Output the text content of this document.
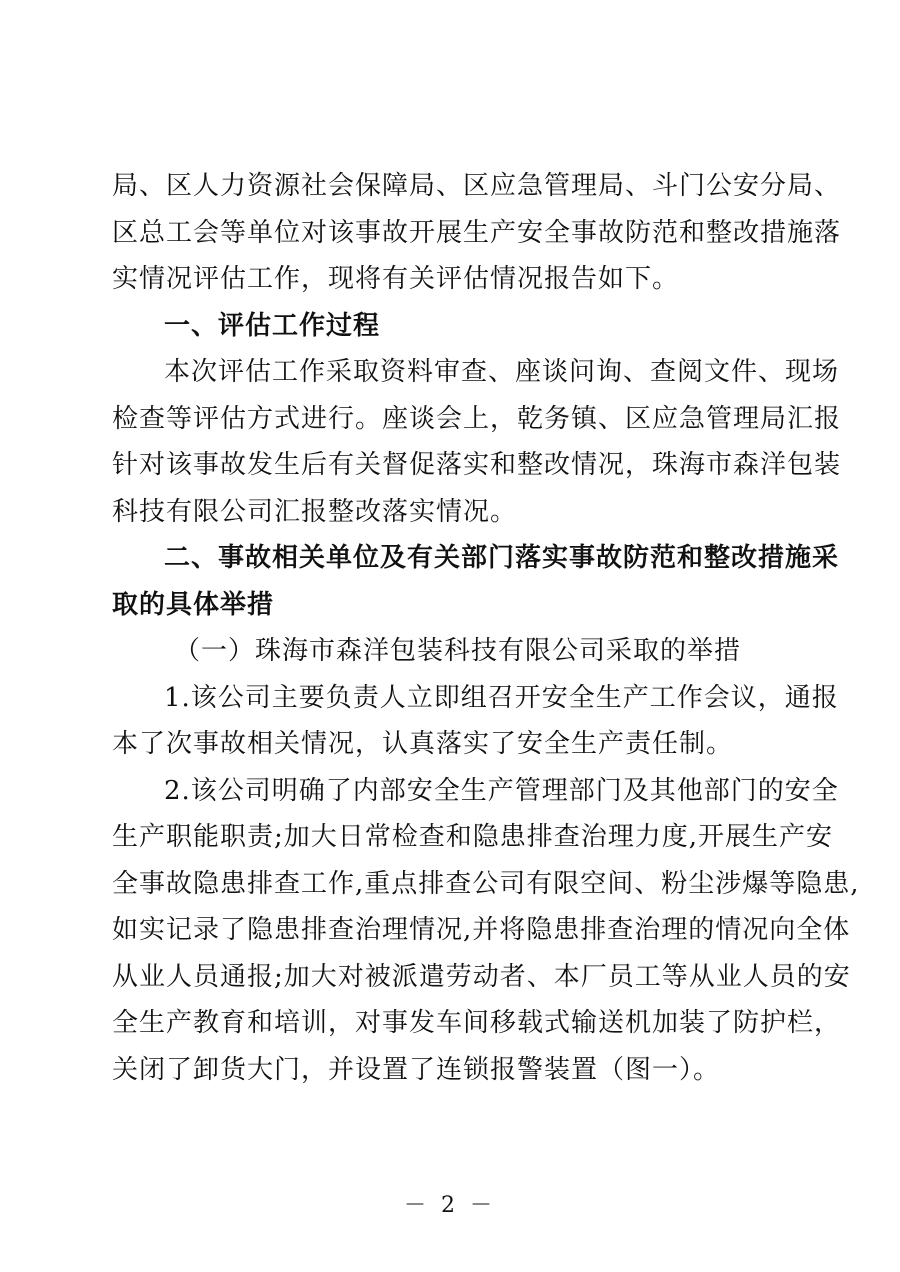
局、区人力资源社会保障局、区应急管理局、斗门公安分局、
区总工会等单位对该事故开展生产安全事故防范和整改措施落
实情况评估工作，现将有关评估情况报告如下。
一、评估工作过程
本次评估工作采取资料审查、座谈问询、查阅文件、现场
检查等评估方式进行。座谈会上，乾务镇、区应急管理局汇报
针对该事故发生后有关督促落实和整改情况，珠海市森洋包装
科技有限公司汇报整改落实情况。
二、事故相关单位及有关部门落实事故防范和整改措施采
取的具体举措
（一）珠海市森洋包装科技有限公司采取的举措
1.该公司主要负责人立即组召开安全生产工作会议，通报
本了次事故相关情况，认真落实了安全生产责任制。
2.该公司明确了内部安全生产管理部门及其他部门的安全
生产职能职责;加大日常检查和隐患排查治理力度,开展生产安
全事故隐患排查工作,重点排查公司有限空间、粉尘涉爆等隐患,
如实记录了隐患排查治理情况,并将隐患排查治理的情况向全体
从业人员通报;加大对被派遣劳动者、本厂员工等从业人员的安
全生产教育和培训，对事发车间移载式输送机加装了防护栏，
关闭了卸货大门，并设置了连锁报警装置（图一）。
－ 2 －
